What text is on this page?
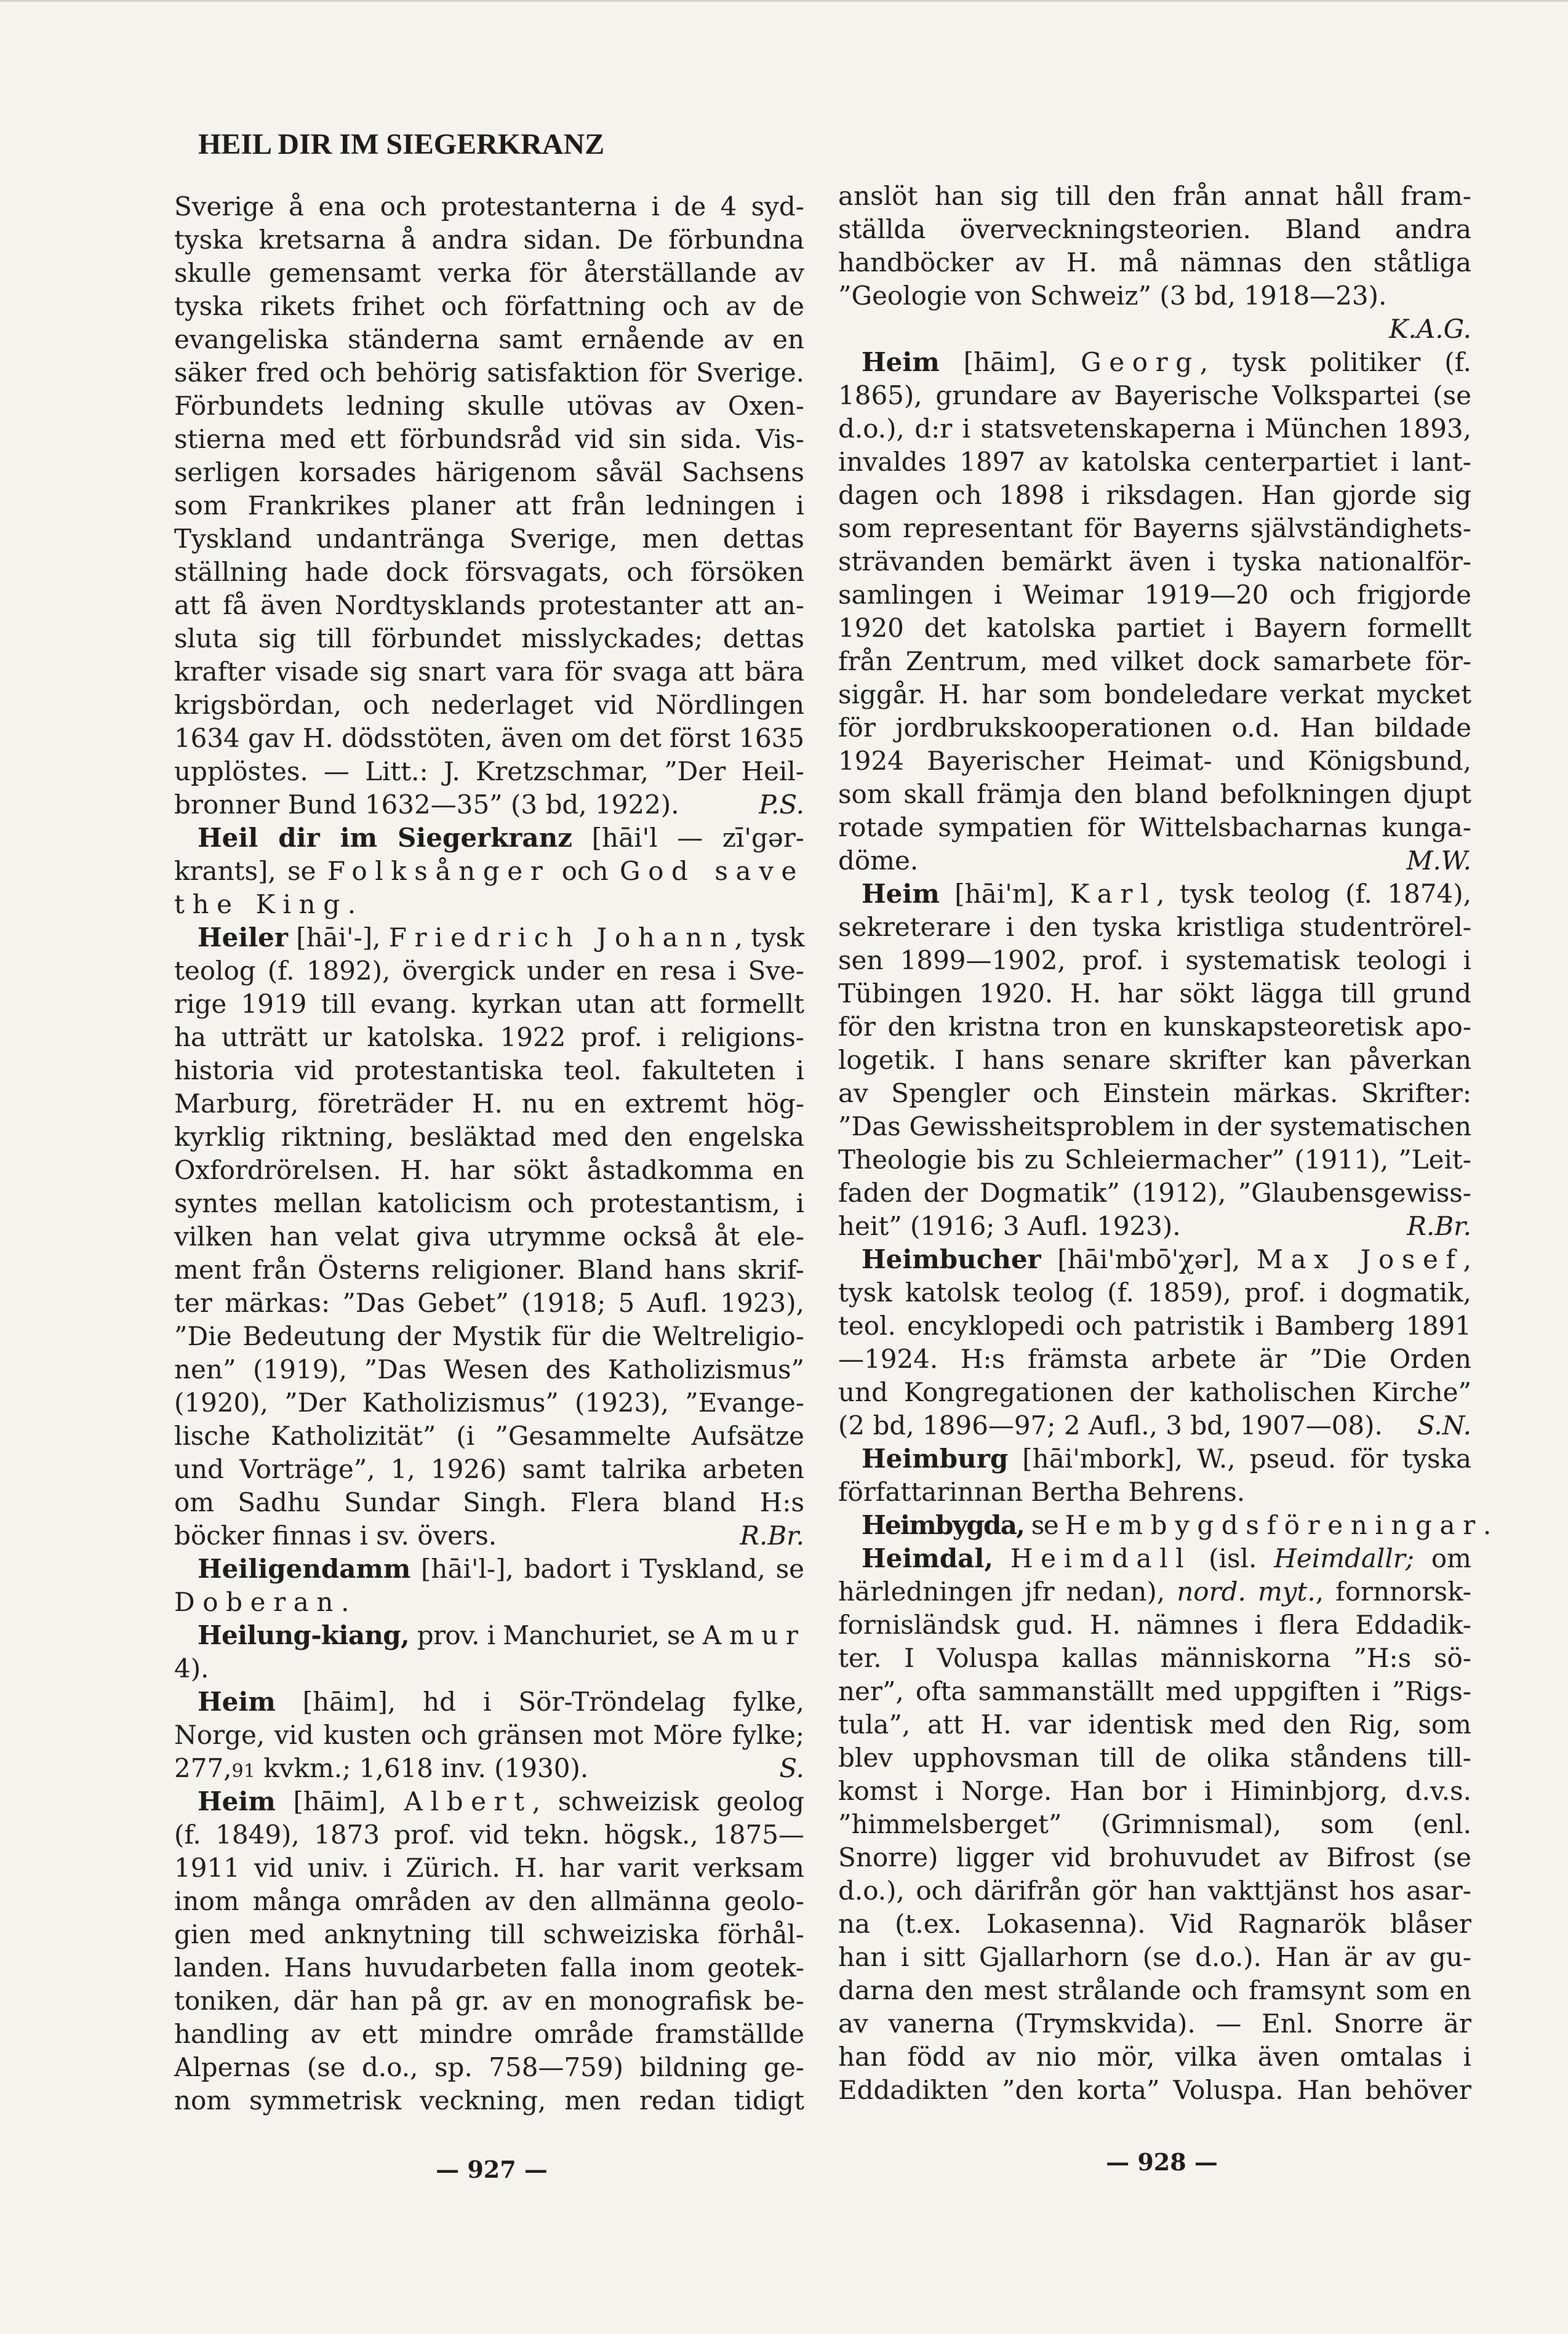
HEIL DIR IM SIEGERKRANZ
Sverige å ena och protestanterna i de 4 syd-
tyska kretsarna å andra sidan. De förbundna
skulle gemensamt verka för återställande av
tyska rikets frihet och författning och av de
evangeliska ständerna samt ernående av en
säker fred och behörig satisfaktion för Sverige.
Förbundets ledning skulle utövas av Oxen-
stierna med ett förbundsråd vid sin sida. Vis-
serligen korsades härigenom såväl Sachsens
som Frankrikes planer att från ledningen i
Tyskland undantränga Sverige, men dettas
ställning hade dock försvagats, och försöken
att få även Nordtysklands protestanter att an-
sluta sig till förbundet misslyckades; dettas
krafter visade sig snart vara för svaga att bära
krigsbördan, och nederlaget vid Nördlingen
1634 gav H. dödsstöten, även om det först 1635
upplöstes. — Litt.: J. Kretzschmar, ”Der Heil-
bronner Bund 1632—35” (3 bd, 1922).	P.S.
Heil dir im Siegerkranz [hāi'l — zī'gər-
krants], se Folksånger och God save
the King.
Heiler [hāi'-], Friedrich Johann, tysk
teolog (f. 1892), övergick under en resa i Sve-
rige 1919 till evang. kyrkan utan att formellt
ha utträtt ur katolska. 1922 prof. i religions-
historia vid protestantiska teol. fakulteten i
Marburg, företräder H. nu en extremt hög-
kyrklig riktning, besläktad med den engelska
Oxfordrörelsen. H. har sökt åstadkomma en
syntes mellan katolicism och protestantism, i
vilken han velat giva utrymme också åt ele-
ment från Österns religioner. Bland hans skrif-
ter märkas: ”Das Gebet” (1918; 5 Aufl. 1923),
”Die Bedeutung der Mystik für die Weltreligio-
nen” (1919), ”Das Wesen des Katholizismus”
(1920), ”Der Katholizismus” (1923), ”Evange-
lische Katholizität” (i ”Gesammelte Aufsätze
und Vorträge”, 1, 1926) samt talrika arbeten
om Sadhu Sundar Singh. Flera bland H:s
böcker finnas i sv. övers.	R.Br.
Heiligendamm [hāi'l-], badort i Tyskland, se
Doberan.
Heilung-kiang, prov. i Manchuriet, se Amur
4).
Heim [hāim], hd i Sör-Tröndelag fylke,
Norge, vid kusten och gränsen mot Möre fylke;
277,91 kvkm.; 1,618 inv. (1930).	S.
Heim [hāim], Albert, schweizisk geolog
(f. 1849), 1873 prof. vid tekn. högsk., 1875—
1911 vid univ. i Zürich. H. har varit verksam
inom många områden av den allmänna geolo-
gien med anknytning till schweiziska förhål-
landen. Hans huvudarbeten falla inom geotek-
toniken, där han på gr. av en monografisk be-
handling av ett mindre område framställde
Alpernas (se d.o., sp. 758—759) bildning ge-
nom symmetrisk veckning, men redan tidigt
anslöt han sig till den från annat håll fram-
ställda överveckningsteorien. Bland andra
handböcker av H. må nämnas den ståtliga
”Geologie von Schweiz” (3 bd, 1918—23).
K.A.G.
Heim [hāim], Georg, tysk politiker (f.
1865), grundare av Bayerische Volkspartei (se
d.o.), d:r i statsvetenskaperna i München 1893,
invaldes 1897 av katolska centerpartiet i lant-
dagen och 1898 i riksdagen. Han gjorde sig
som representant för Bayerns självständighets-
strävanden bemärkt även i tyska nationalför-
samlingen i Weimar 1919—20 och frigjorde
1920 det katolska partiet i Bayern formellt
från Zentrum, med vilket dock samarbete för-
siggår. H. har som bondeledare verkat mycket
för jordbrukskooperationen o.d. Han bildade
1924 Bayerischer Heimat- und Königsbund,
som skall främja den bland befolkningen djupt
rotade sympatien för Wittelsbacharnas kunga-
döme.	M.W.
Heim [hāi'm], Karl, tysk teolog (f. 1874),
sekreterare i den tyska kristliga studentrörel-
sen 1899—1902, prof. i systematisk teologi i
Tübingen 1920. H. har sökt lägga till grund
för den kristna tron en kunskapsteoretisk apo-
logetik. I hans senare skrifter kan påverkan
av Spengler och Einstein märkas. Skrifter:
”Das Gewissheitsproblem in der systematischen
Theologie bis zu Schleiermacher” (1911), ”Leit-
faden der Dogmatik” (1912), ”Glaubensgewiss-
heit” (1916; 3 Aufl. 1923).	R.Br.
Heimbucher [hāi'mbō'χər], Max Josef,
tysk katolsk teolog (f. 1859), prof. i dogmatik,
teol. encyklopedi och patristik i Bamberg 1891
—1924. H:s främsta arbete är ”Die Orden
und Kongregationen der katholischen Kirche”
(2 bd, 1896—97; 2 Aufl., 3 bd, 1907—08). S.N.
Heimburg [hāi'mbork], W., pseud. för tyska
författarinnan Bertha Behrens.
Heimbygda, se Hembygdsföreningar.
Heimdal, Heimdall (isl. Heimdallr; om
härledningen jfr nedan), nord. myt., fornnorsk-
fornisländsk gud. H. nämnes i flera Eddadik-
ter. I Voluspa kallas människorna ”H:s sö-
ner”, ofta sammanställt med uppgiften i ”Rigs-
tula”, att H. var identisk med den Rig, som
blev upphovsman till de olika ståndens till-
komst i Norge. Han bor i Himinbjorg, d.v.s.
”himmelsberget” (Grimnismal), som (enl.
Snorre) ligger vid brohuvudet av Bifrost (se
d.o.), och därifrån gör han vakttjänst hos asar-
na (t.ex. Lokasenna). Vid Ragnarök blåser
han i sitt Gjallarhorn (se d.o.). Han är av gu-
darna den mest strålande och framsynt som en
av vanerna (Trymskvida). — Enl. Snorre är
han född av nio mör, vilka även omtalas i
Eddadikten ”den korta” Voluspa. Han behöver
— 927 —	— 928 —
